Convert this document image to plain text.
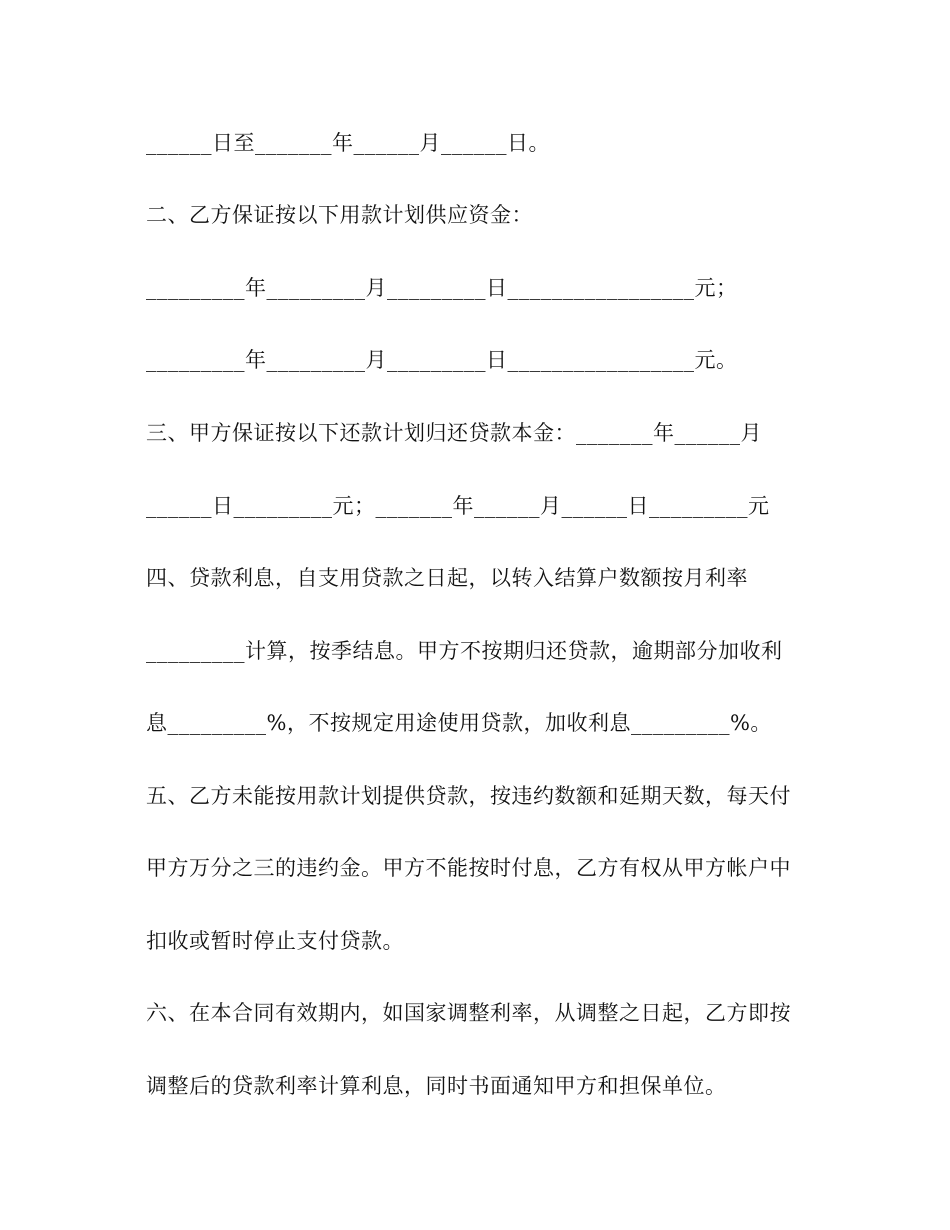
______日至_______年______月______日。
二、乙方保证按以下用款计划供应资金：
_________年_________月_________日_________________元；
_________年_________月_________日_________________元。
三、甲方保证按以下还款计划归还贷款本金：_______年______月
______日_________元；_______年______月______日_________元
四、贷款利息，自支用贷款之日起，以转入结算户数额按月利率
_________计算，按季结息。甲方不按期归还贷款，逾期部分加收利
息_________%，不按规定用途使用贷款，加收利息_________%。
五、乙方未能按用款计划提供贷款，按违约数额和延期天数，每天付
甲方万分之三的违约金。甲方不能按时付息，乙方有权从甲方帐户中
扣收或暂时停止支付贷款。
六、在本合同有效期内，如国家调整利率，从调整之日起，乙方即按
调整后的贷款利率计算利息，同时书面通知甲方和担保单位。
